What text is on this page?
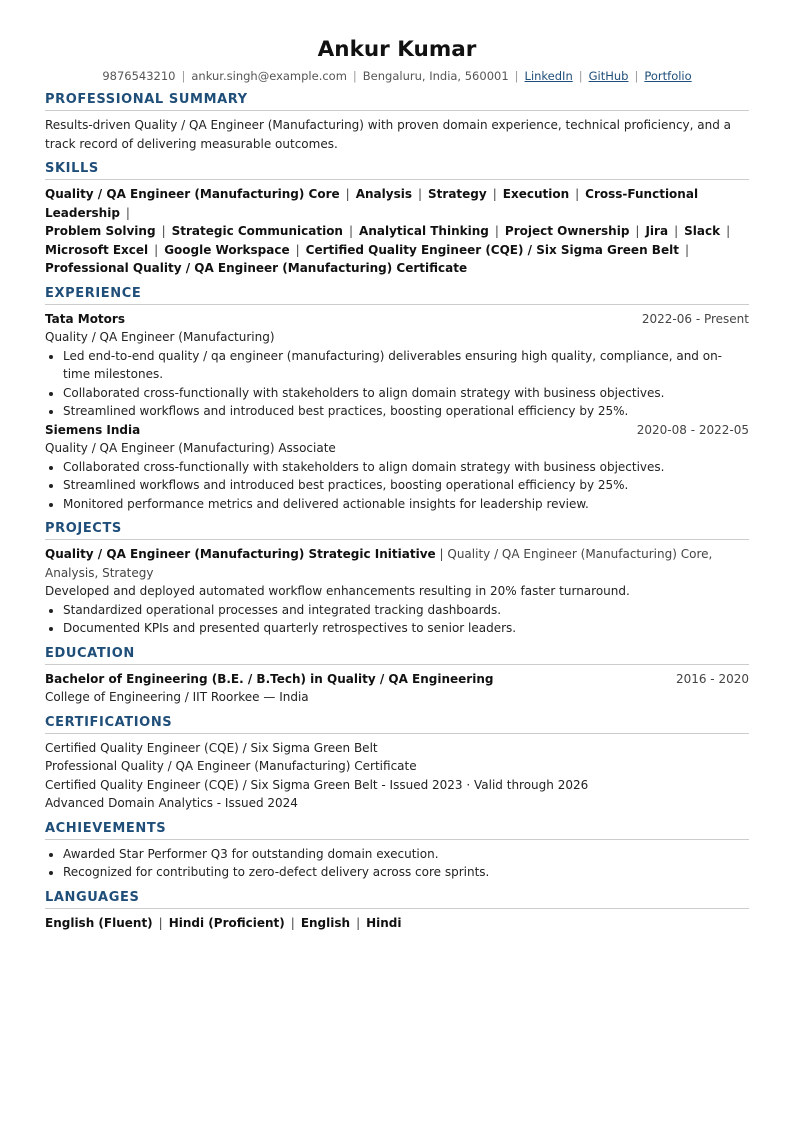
Ankur Kumar
9876543210 | ankur.singh@example.com | Bengaluru, India, 560001 | LinkedIn | GitHub | Portfolio
PROFESSIONAL SUMMARY
Results-driven Quality / QA Engineer (Manufacturing) with proven domain experience, technical proficiency, and a track record of delivering measurable outcomes.
SKILLS
Quality / QA Engineer (Manufacturing) Core | Analysis | Strategy | Execution | Cross-Functional Leadership |
Problem Solving | Strategic Communication | Analytical Thinking | Project Ownership | Jira | Slack |
Microsoft Excel | Google Workspace | Certified Quality Engineer (CQE) / Six Sigma Green Belt |
Professional Quality / QA Engineer (Manufacturing) Certificate
EXPERIENCE
Tata Motors	2022-06 - Present
Quality / QA Engineer (Manufacturing)
• Led end-to-end quality / qa engineer (manufacturing) deliverables ensuring high quality, compliance, and on-time milestones.
• Collaborated cross-functionally with stakeholders to align domain strategy with business objectives.
• Streamlined workflows and introduced best practices, boosting operational efficiency by 25%.
Siemens India	2020-08 - 2022-05
Quality / QA Engineer (Manufacturing) Associate
• Collaborated cross-functionally with stakeholders to align domain strategy with business objectives.
• Streamlined workflows and introduced best practices, boosting operational efficiency by 25%.
• Monitored performance metrics and delivered actionable insights for leadership review.
PROJECTS
Quality / QA Engineer (Manufacturing) Strategic Initiative | Quality / QA Engineer (Manufacturing) Core, Analysis, Strategy
Developed and deployed automated workflow enhancements resulting in 20% faster turnaround.
• Standardized operational processes and integrated tracking dashboards.
• Documented KPIs and presented quarterly retrospectives to senior leaders.
EDUCATION
Bachelor of Engineering (B.E. / B.Tech) in Quality / QA Engineering	2016 - 2020
College of Engineering / IIT Roorkee — India
CERTIFICATIONS
Certified Quality Engineer (CQE) / Six Sigma Green Belt
Professional Quality / QA Engineer (Manufacturing) Certificate
Certified Quality Engineer (CQE) / Six Sigma Green Belt - Issued 2023 · Valid through 2026
Advanced Domain Analytics - Issued 2024
ACHIEVEMENTS
• Awarded Star Performer Q3 for outstanding domain execution.
• Recognized for contributing to zero-defect delivery across core sprints.
LANGUAGES
English (Fluent) | Hindi (Proficient) | English | Hindi
